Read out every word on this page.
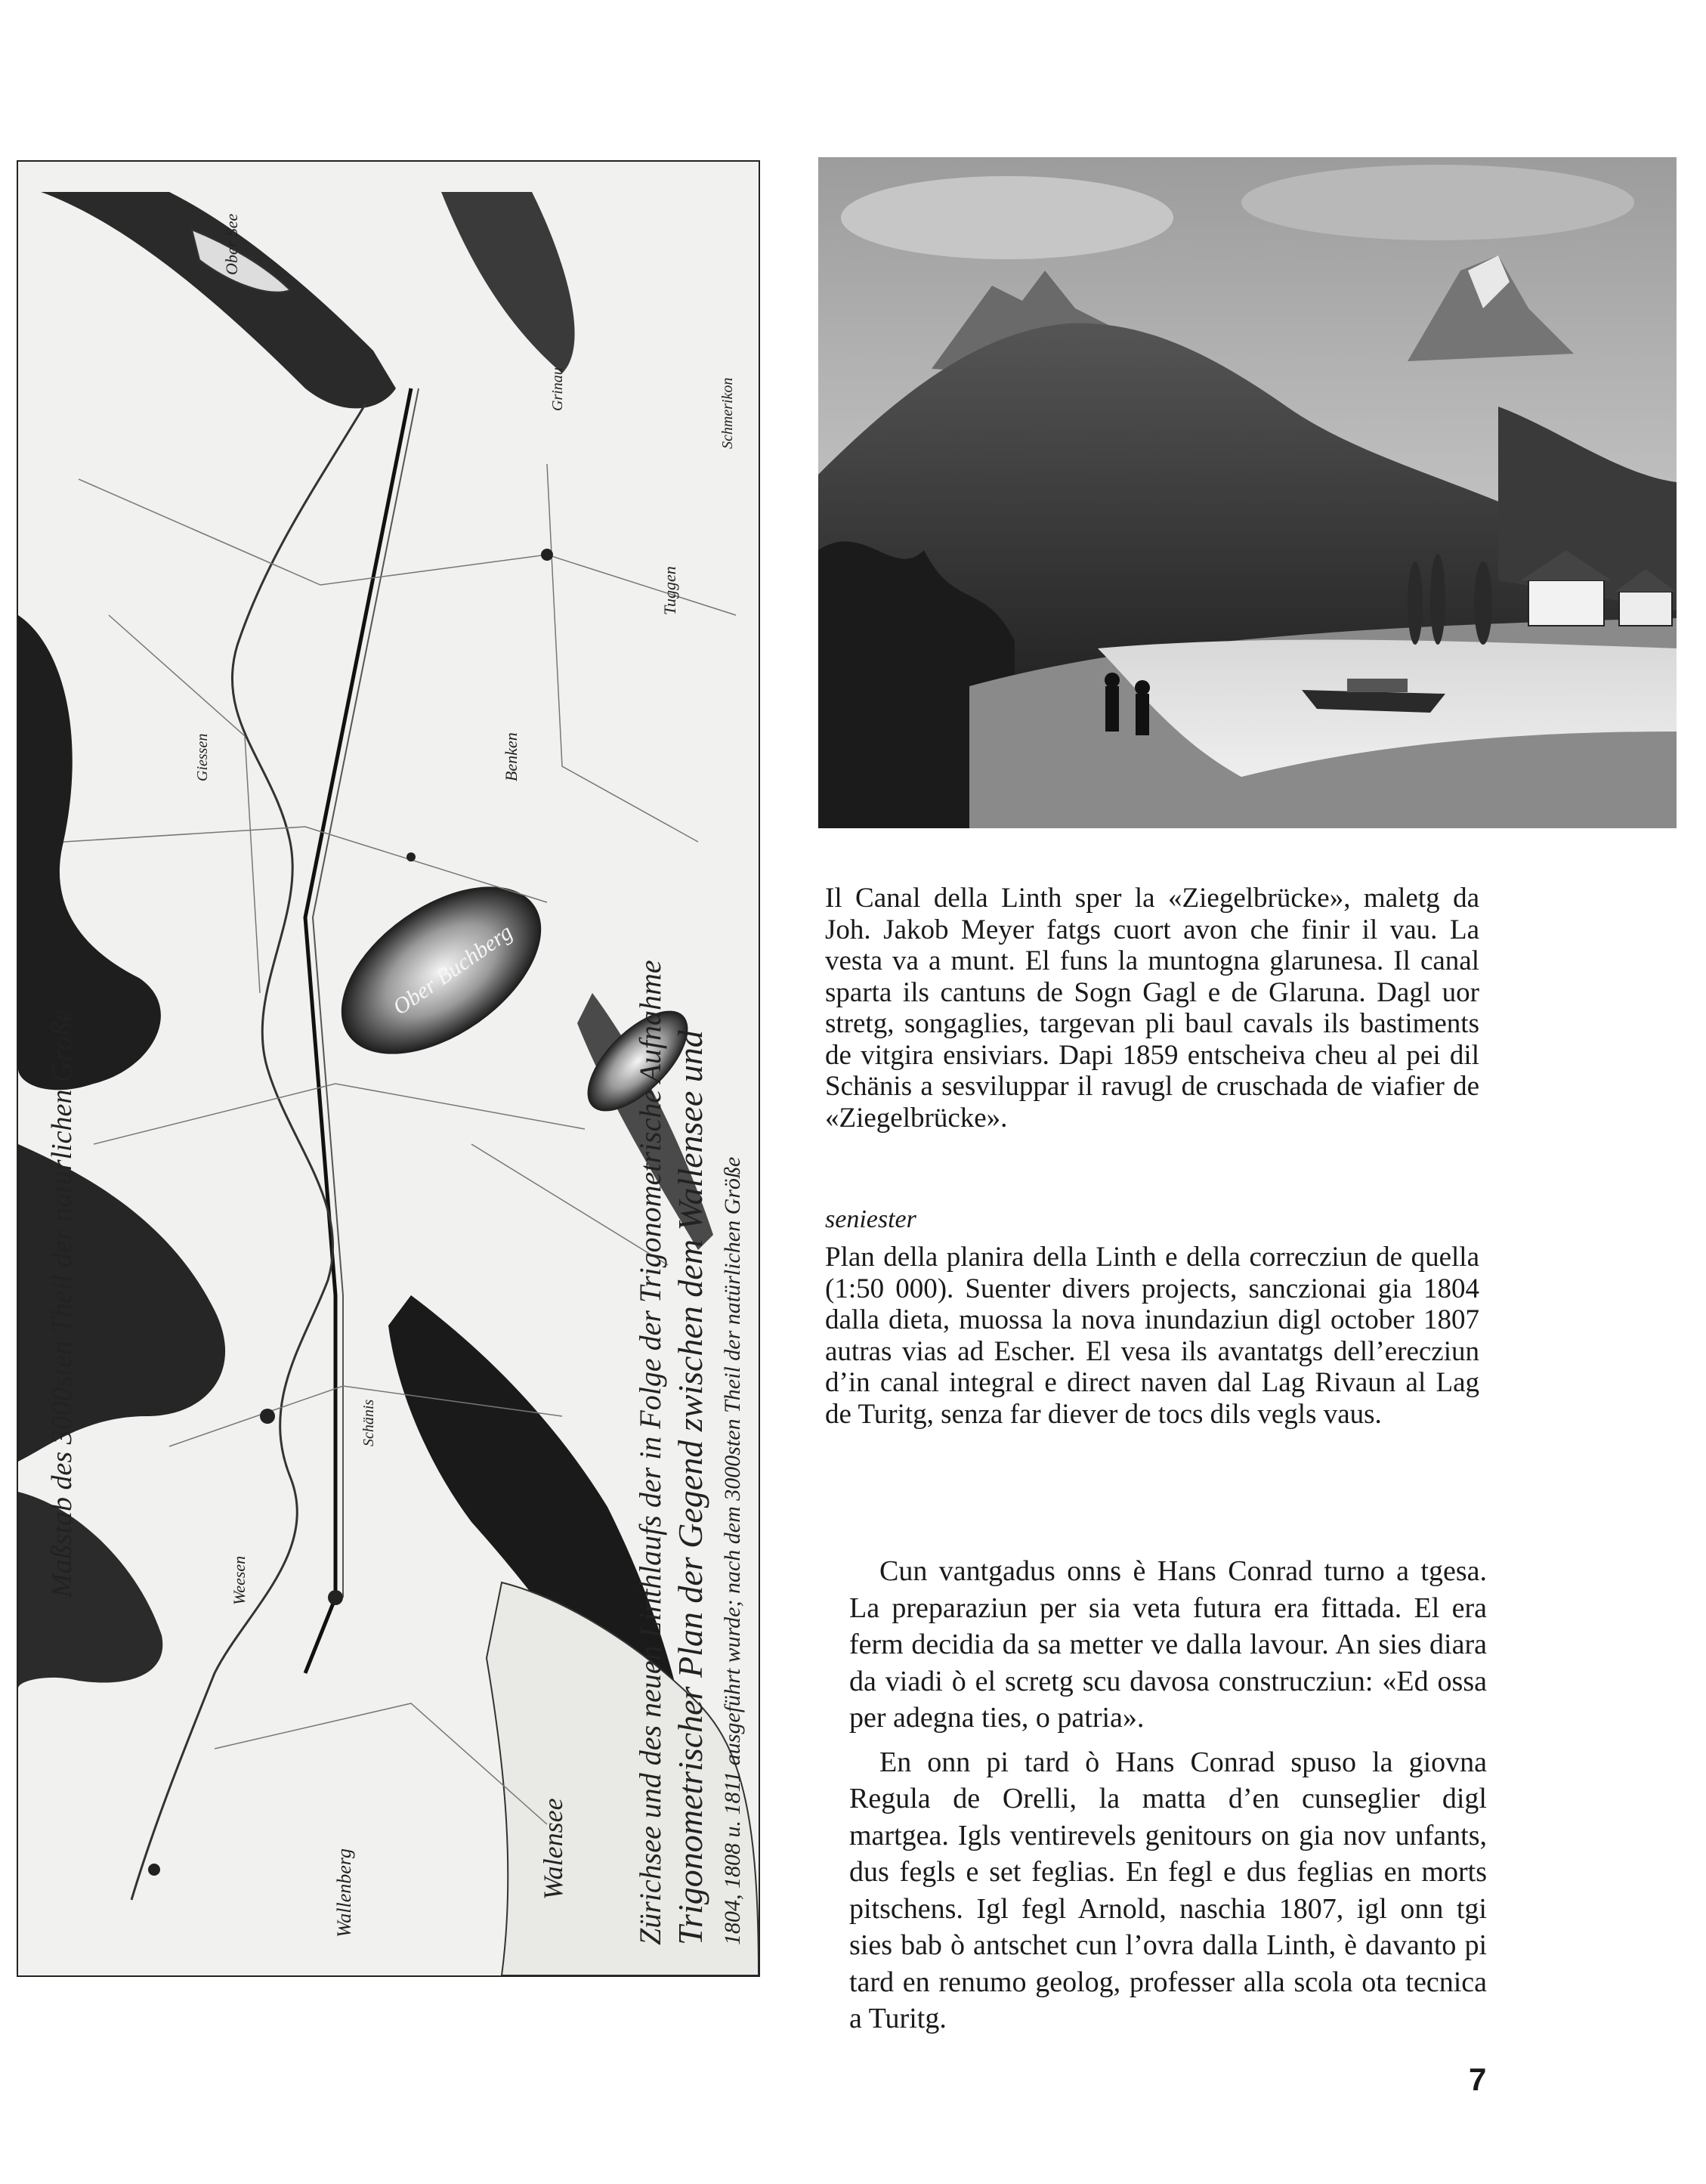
Trigonometrischer Plan der Gegend zwischen dem Wallensee und
Zürichsee und des neuen Linthlaufs der in Folge der Trigonometrische Aufnahme 1804, 1808 u. 1811 ausgeführt wurde; nach dem 3000sten Theil der natürlichen Größe
Maßstab des 3000sten Theil der natürlichen Größe
Ober Buchberg
Walensee
Wallenberg
Benken
Giessen
Tuggen
Grinau
Schänis
Weesen
Ober See
Schmerikon
Il Canal della Linth sper la «Ziegelbrücke», maletg da Joh. Jakob Meyer fatgs cuort avon che finir il vau. La vesta va a munt. El funs la muntogna glarunesa. Il canal sparta ils cantuns de Sogn Gagl e de Glaruna. Dagl uor stretg, songaglies, targevan pli baul cavals ils bastiments de vitgira ensiviars. Dapi 1859 entscheiva cheu al pei dil Schänis a sesviluppar il ravugl de cruschada de viafier de «Ziegelbrücke».
seniester
Plan della planira della Linth e della correcziun de quella (1:50 000). Suenter divers projects, sanczionai gia 1804 dalla dieta, muossa la nova inundaziun digl october 1807 autras vias ad Escher. El vesa ils avantatgs dell’erecziun d’in canal integral e direct naven dal Lag Rivaun al Lag de Turitg, senza far diever de tocs dils vegls vaus.

Cun vantgadus onns è Hans Conrad turno a tgesa. La preparaziun per sia veta futura era fittada. El era ferm decidia da sa metter ve dalla lavour. An sies diara da viadi ò el scretg scu davosa construcziun: «Ed ossa per adegna ties, o patria».

En onn pi tard ò Hans Conrad spuso la giovna Regula de Orelli, la matta d’en cunseglier digl martgea. Igls ventirevels genitours on gia nov unfants, dus fegls e set feglias. En fegl e dus feglias en morts pitschens. Igl fegl Arnold, naschia 1807, igl onn tgi sies bab ò antschet cun l’ovra dalla Linth, è davanto pi tard en renumo geolog, professer alla scola ota tecnica a Turitg.

7
